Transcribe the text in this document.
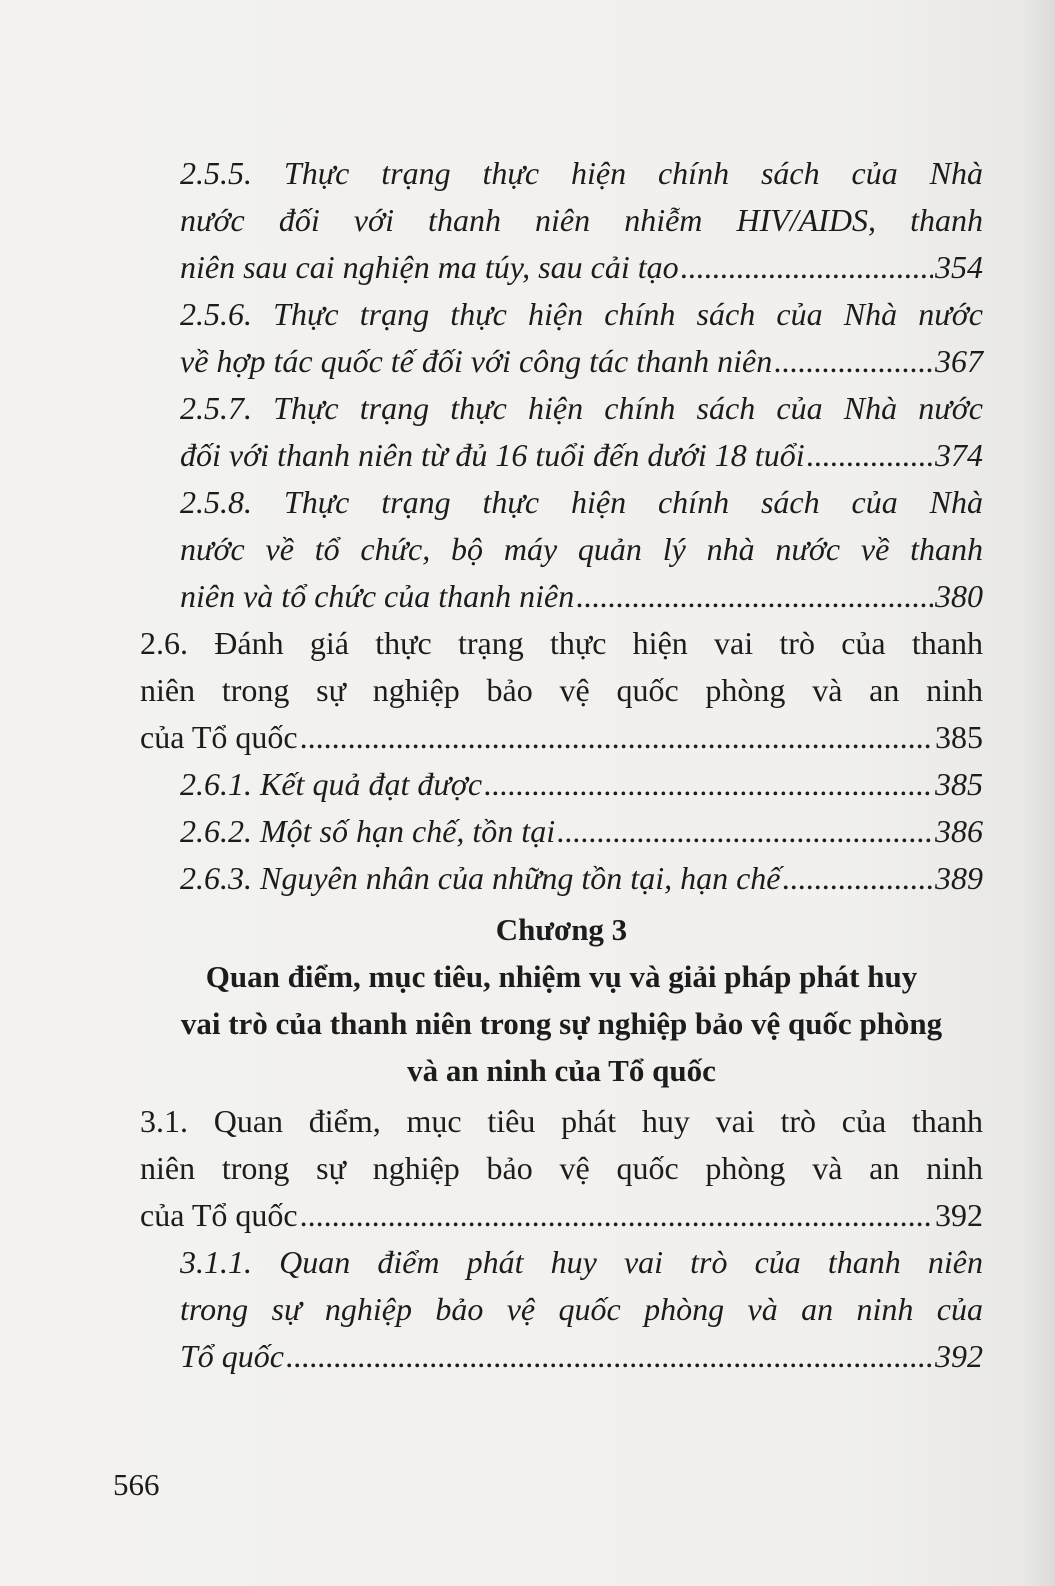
2.5.5. Thực trạng thực hiện chính sách của Nhà
nước đối với thanh niên nhiễm HIV/AIDS, thanh
niên sau cai nghiện ma túy, sau cải tạo .....	354
2.5.6. Thực trạng thực hiện chính sách của Nhà nước
về hợp tác quốc tế đối với công tác thanh niên .....	367
2.5.7. Thực trạng thực hiện chính sách của Nhà nước
đối với thanh niên từ đủ 16 tuổi đến dưới 18 tuổi .....	374
2.5.8. Thực trạng thực hiện chính sách của Nhà
nước về tổ chức, bộ máy quản lý nhà nước về thanh
niên và tổ chức của thanh niên .....	380
2.6. Đánh giá thực trạng thực hiện vai trò của thanh
niên trong sự nghiệp bảo vệ quốc phòng và an ninh
của Tổ quốc .....	385
2.6.1. Kết quả đạt được .....	385
2.6.2. Một số hạn chế, tồn tại .....	386
2.6.3. Nguyên nhân của những tồn tại, hạn chế .....	389
Chương 3
Quan điểm, mục tiêu, nhiệm vụ và giải pháp phát huy
vai trò của thanh niên trong sự nghiệp bảo vệ quốc phòng
và an ninh của Tổ quốc
3.1. Quan điểm, mục tiêu phát huy vai trò của thanh
niên trong sự nghiệp bảo vệ quốc phòng và an ninh
của Tổ quốc .....	392
3.1.1. Quan điểm phát huy vai trò của thanh niên
trong sự nghiệp bảo vệ quốc phòng và an ninh của
Tổ quốc .....	392
566
